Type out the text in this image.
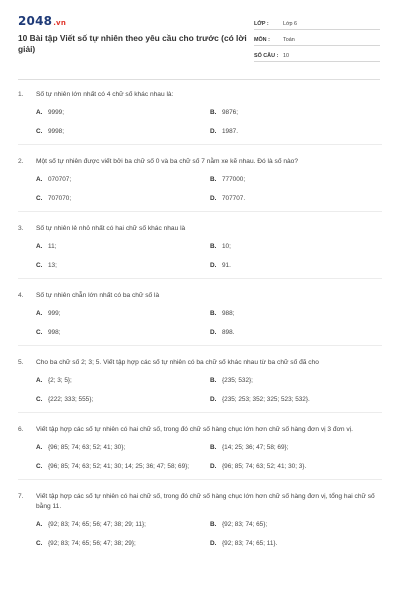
2048.vn
10 Bài tập Viết số tự nhiên theo yêu cầu cho trước (có lời giải)
LỚP :	Lớp 6
MÔN :	Toán
SỐ CÂU : 10
1.	Số tự nhiên lớn nhất có 4 chữ số khác nhau là:
A. 9999;	B. 9876;
C. 9998;	D. 1987.
2.	Một số tự nhiên được viết bởi ba chữ số 0 và ba chữ số 7 nằm xe kẽ nhau. Đó là số nào?
A. 070707;	B. 777000;
C. 707070;	D. 707707.
3.	Số tự nhiên lẻ nhỏ nhất có hai chữ số khác nhau là
A. 11;	B. 10;
C. 13;	D. 91.
4.	Số tự nhiên chẵn lớn nhất có ba chữ số là
A. 999;	B. 988;
C. 998;	D. 898.
5.	Cho ba chữ số 2; 3; 5. Viết tập hợp các số tự nhiên có ba chữ số khác nhau từ ba chữ số đã cho
A. {2; 3; 5};	B. {235; 532};
C. {222; 333; 555};	D. {235; 253; 352; 325; 523; 532}.
6.	Viết tập hợp các số tự nhiên có hai chữ số, trong đó chữ số hàng chục lớn hơn chữ số hàng đơn vị 3 đơn vị.
A. {96; 85; 74; 63; 52; 41; 30};	B. {14; 25; 36; 47; 58; 69};
C. {96; 85; 74; 63; 52; 41; 30; 14; 25; 36; 47; 58; 69};	D. {96; 85; 74; 63; 52; 41; 30; 3}.
7.	Viết tập hợp các số tự nhiên có hai chữ số, trong đó chữ số hàng chục lớn hơn chữ số hàng đơn vị, tổng hai chữ số bằng 11.
A. {92; 83; 74; 65; 56; 47; 38; 29; 11};	B. {92; 83; 74; 65};
C. {92; 83; 74; 65; 56; 47; 38; 29};	D. {92; 83; 74; 65; 11}.
